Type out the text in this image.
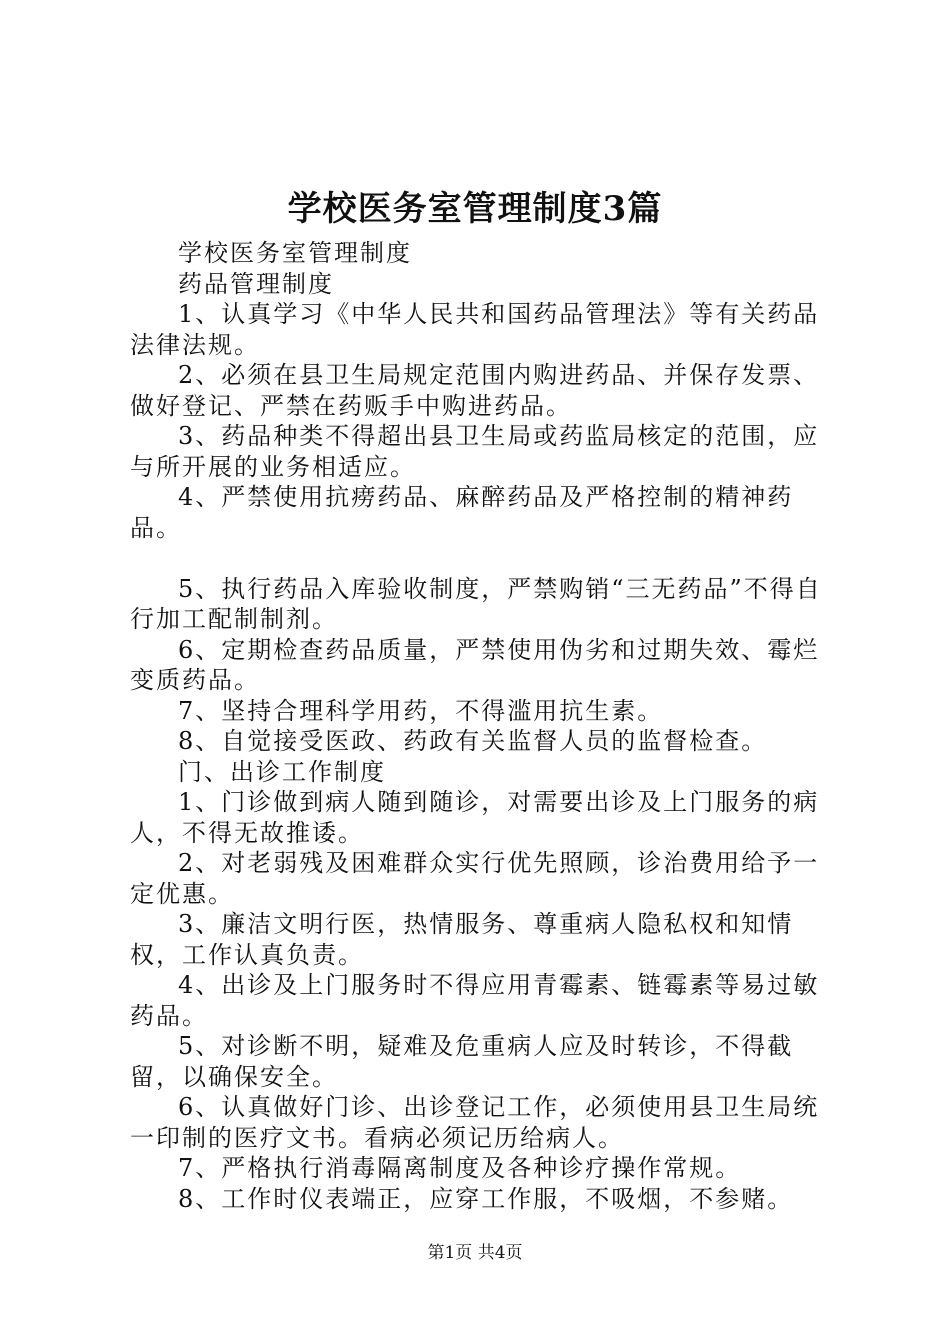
学校医务室管理制度3篇

学校医务室管理制度

药品管理制度

1、认真学习《中华人民共和国药品管理法》等有关药品法律法规。

2、必须在县卫生局规定范围内购进药品、并保存发票、做好登记、严禁在药贩手中购进药品。

3、药品种类不得超出县卫生局或药监局核定的范围，应与所开展的业务相适应。

4、严禁使用抗痨药品、麻醉药品及严格控制的精神药品。

5、执行药品入库验收制度，严禁购销“三无药品”不得自行加工配制制剂。

6、定期检查药品质量，严禁使用伪劣和过期失效、霉烂变质药品。

7、坚持合理科学用药，不得滥用抗生素。

8、自觉接受医政、药政有关监督人员的监督检查。

门、出诊工作制度

1、门诊做到病人随到随诊，对需要出诊及上门服务的病人，不得无故推诿。

2、对老弱残及困难群众实行优先照顾，诊治费用给予一定优惠。

3、廉洁文明行医，热情服务、尊重病人隐私权和知情权，工作认真负责。

4、出诊及上门服务时不得应用青霉素、链霉素等易过敏药品。

5、对诊断不明，疑难及危重病人应及时转诊，不得截留，以确保安全。

6、认真做好门诊、出诊登记工作，必须使用县卫生局统一印制的医疗文书。看病必须记历给病人。

7、严格执行消毒隔离制度及各种诊疗操作常规。

8、工作时仪表端正，应穿工作服，不吸烟，不参赌。

第1页 共4页
